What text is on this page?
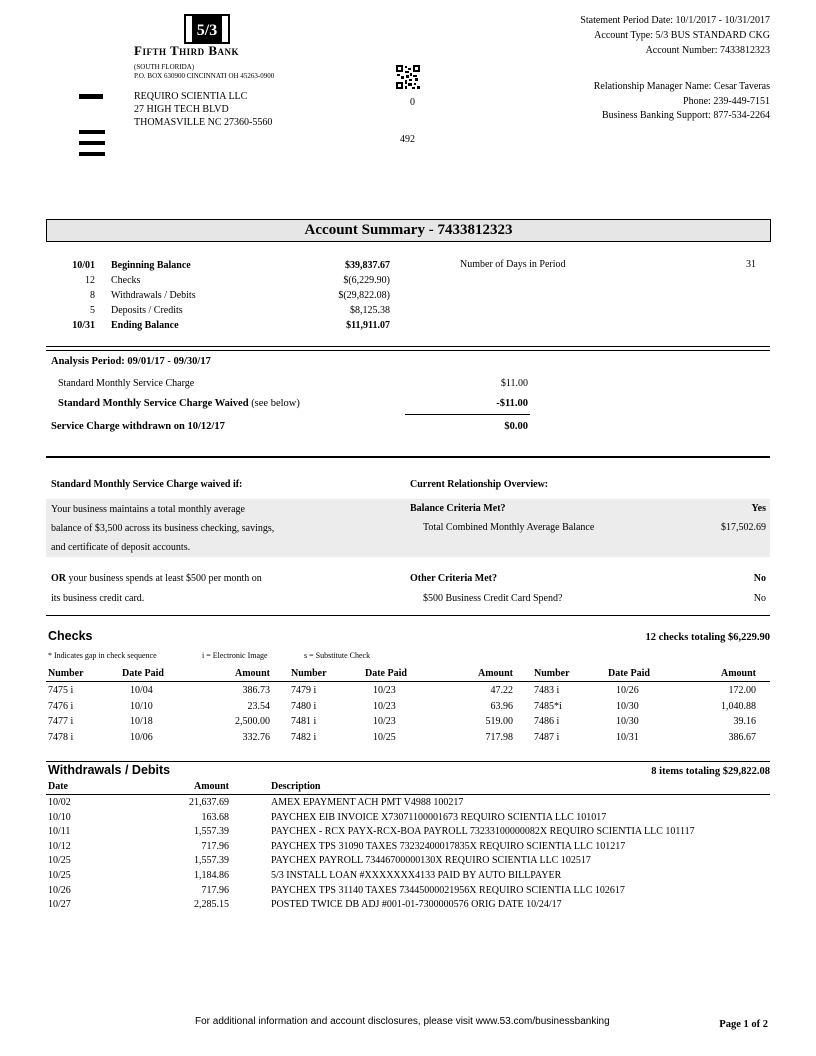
5/3
Fifth Third Bank
(SOUTH FLORIDA)
P.O. BOX 630900 CINCINNATI OH 45263-0900
REQUIRO SCIENTIA LLC
27 HIGH TECH BLVD
THOMASVILLE NC 27360-5560
0
492
Statement Period Date: 10/1/2017 - 10/31/2017
Account Type: 5/3 BUS STANDARD CKG
Account Number: 7433812323
Relationship Manager Name: Cesar Taveras
Phone: 239-449-7151
Business Banking Support: 877-534-2264
Account Summary - 7433812323
10/01	Beginning Balance	$39,837.67
12	Checks	$(6,229.90)
8	Withdrawals / Debits	$(29,822.08)
5	Deposits / Credits	$8,125.38
10/31	Ending Balance	$11,911.07
Number of Days in Period	31
Analysis Period: 09/01/17 - 09/30/17
Standard Monthly Service Charge	$11.00
Standard Monthly Service Charge Waived (see below)	-$11.00
Service Charge withdrawn on 10/12/17	$0.00
Standard Monthly Service Charge waived if:	Current Relationship Overview:
Your business maintains a total monthly average
balance of $3,500 across its business checking, savings,
and certificate of deposit accounts.
Balance Criteria Met?	Yes
Total Combined Monthly Average Balance	$17,502.69
OR your business spends at least $500 per month on
its business credit card.
Other Criteria Met?	No
$500 Business Credit Card Spend?	No
Checks	12 checks totaling $6,229.90
* Indicates gap in check sequence	i = Electronic Image	s = Substitute Check
Number	Date Paid	Amount
7475 i	10/04	386.73
7476 i	10/10	23.54
7477 i	10/18	2,500.00
7478 i	10/06	332.76
Number	Date Paid	Amount
7479 i	10/23	47.22
7480 i	10/23	63.96
7481 i	10/23	519.00
7482 i	10/25	717.98
Number	Date Paid	Amount
7483 i	10/26	172.00
7485*i	10/30	1,040.88
7486 i	10/30	39.16
7487 i	10/31	386.67
Withdrawals / Debits	8 items totaling $29,822.08
Date	Amount	Description
10/02	21,637.69	AMEX EPAYMENT ACH PMT V4988 100217
10/10	163.68	PAYCHEX EIB INVOICE X73071100001673 REQUIRO SCIENTIA LLC 101017
10/11	1,557.39	PAYCHEX - RCX PAYX-RCX-BOA PAYROLL 73233100000082X REQUIRO SCIENTIA LLC 101117
10/12	717.96	PAYCHEX TPS 31090 TAXES 73232400017835X REQUIRO SCIENTIA LLC 101217
10/25	1,557.39	PAYCHEX PAYROLL 73446700000130X REQUIRO SCIENTIA LLC 102517
10/25	1,184.86	5/3 INSTALL LOAN #XXXXXXX4133 PAID BY AUTO BILLPAYER
10/26	717.96	PAYCHEX TPS 31140 TAXES 73445000021956X REQUIRO SCIENTIA LLC 102617
10/27	2,285.15	POSTED TWICE DB ADJ #001-01-7300000576 ORIG DATE 10/24/17
For additional information and account disclosures, please visit www.53.com/businessbanking	Page 1 of 2
